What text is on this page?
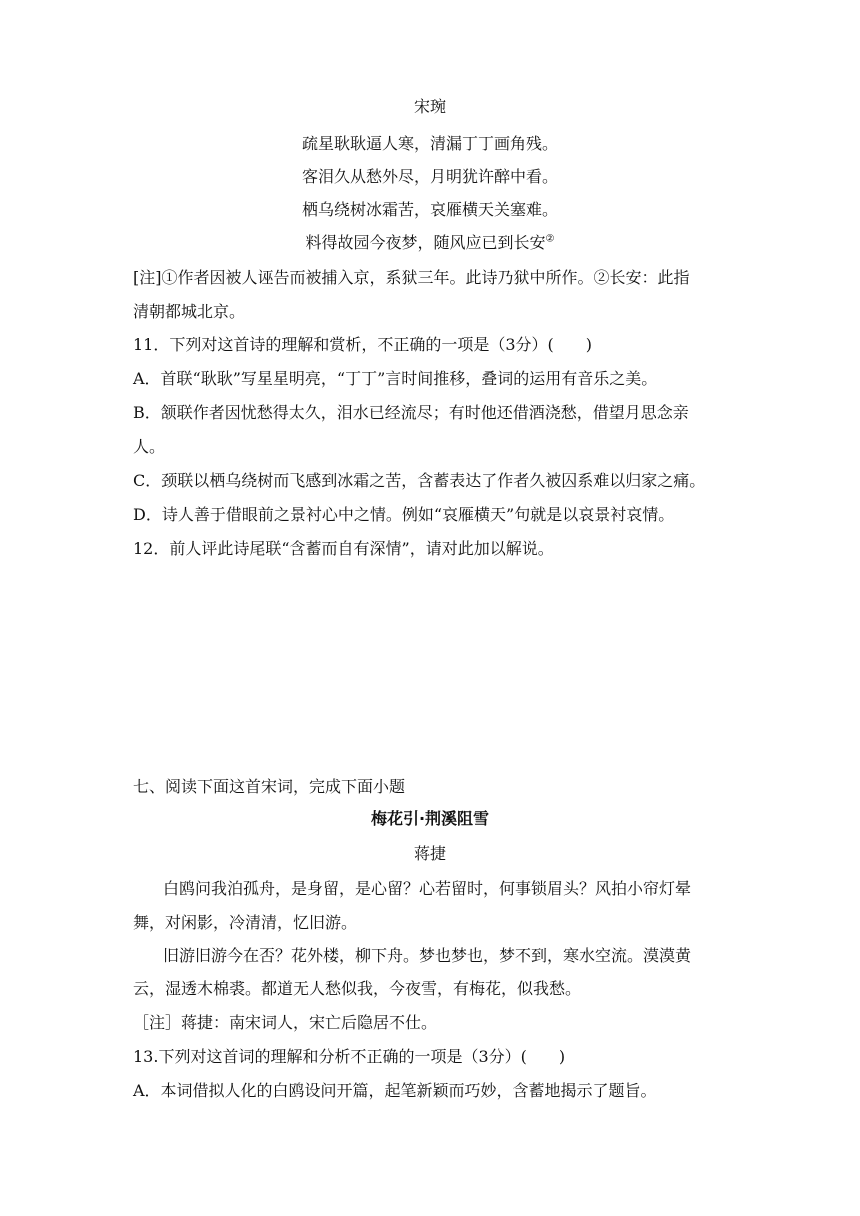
宋琬
疏星耿耿逼人寒，清漏丁丁画角残。
客泪久从愁外尽，月明犹许醉中看。
栖乌绕树冰霜苦，哀雁横天关塞难。
料得故园今夜梦，随风应已到长安②
[注]①作者因被人诬告而被捕入京，系狱三年。此诗乃狱中所作。②长安：此指
清朝都城北京。
11．下列对这首诗的理解和赏析，不正确的一项是（3分）(　　)
A．首联“耿耿”写星星明亮，“丁丁”言时间推移，叠词的运用有音乐之美。
B．颔联作者因忧愁得太久，泪水已经流尽；有时他还借酒浇愁，借望月思念亲
人。
C．颈联以栖乌绕树而飞感到冰霜之苦，含蓄表达了作者久被囚系难以归家之痛。
D．诗人善于借眼前之景衬心中之情。例如“哀雁横天”句就是以哀景衬哀情。
12．前人评此诗尾联“含蓄而自有深情”，请对此加以解说。
七、阅读下面这首宋词，完成下面小题
梅花引·荆溪阻雪
蒋捷
白鸥问我泊孤舟，是身留，是心留？心若留时，何事锁眉头？风拍小帘灯晕
舞，对闲影，冷清清，忆旧游。
旧游旧游今在否？花外楼，柳下舟。梦也梦也，梦不到，寒水空流。漠漠黄
云，湿透木棉裘。都道无人愁似我，今夜雪，有梅花，似我愁。
［注］蒋捷：南宋词人，宋亡后隐居不仕。
13.下列对这首词的理解和分析不正确的一项是（3分）(　　)
A．本词借拟人化的白鸥设问开篇，起笔新颖而巧妙，含蓄地揭示了题旨。
